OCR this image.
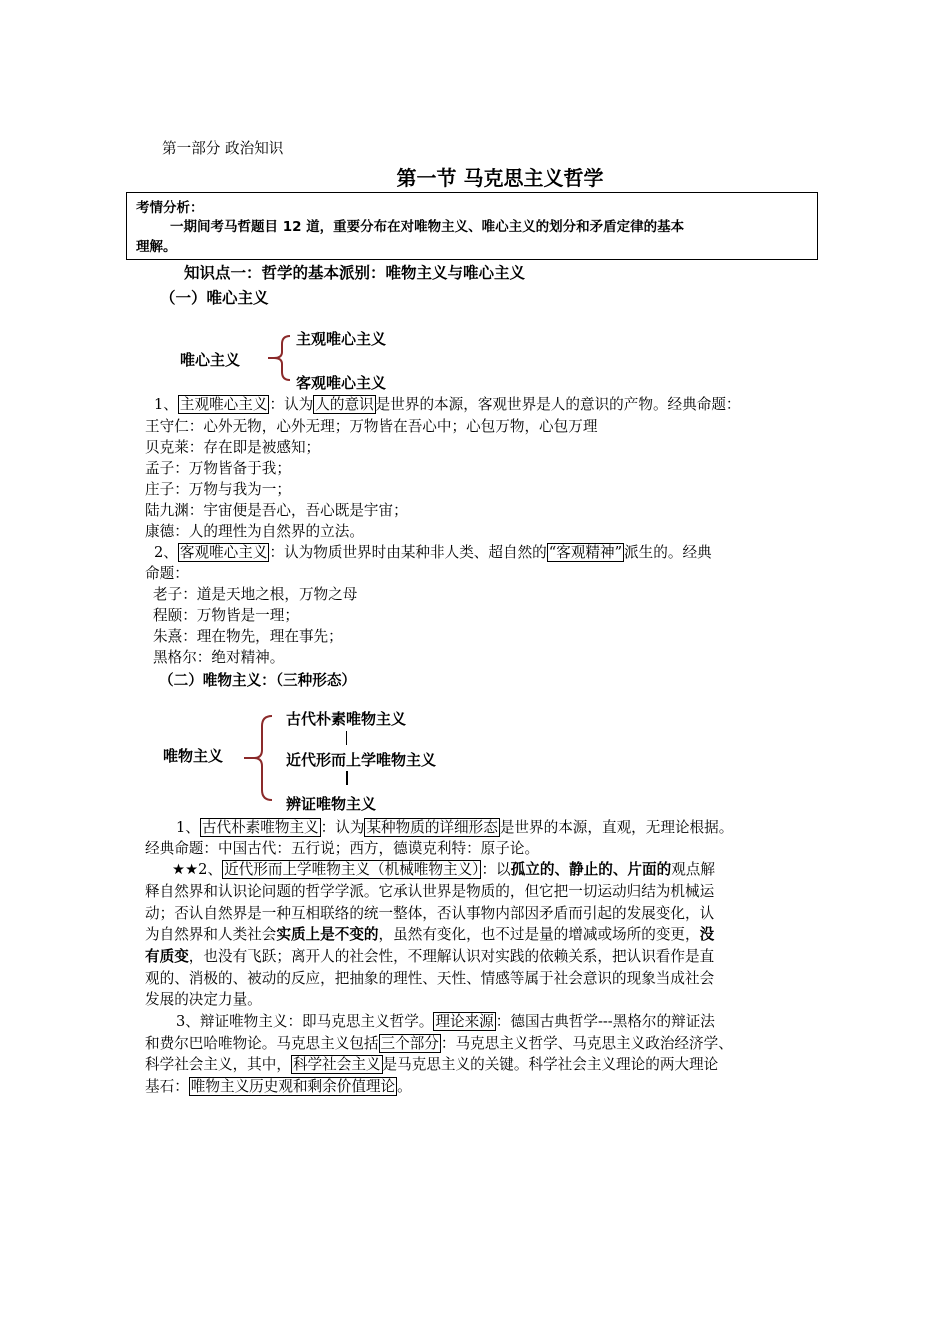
第一部分 政治知识
第一节 马克思主义哲学
考情分析：
一期间考马哲题目 12 道，重要分布在对唯物主义、唯心主义的划分和矛盾定律的基本
理解。
知识点一：哲学的基本派别：唯物主义与唯心主义
（一）唯心主义
唯心主义
主观唯心主义
客观唯心主义
1、 主观唯心主义 ：认为 人的意识 是世界的本源，客观世界是人的意识的产物。经典命题：
王守仁：心外无物，心外无理；万物皆在吾心中；心包万物，心包万理
贝克莱：存在即是被感知；
孟子：万物皆备于我；
庄子：万物与我为一；
陆九渊：宇宙便是吾心，吾心既是宇宙；
康德：人的理性为自然界的立法。
2、 客观唯心主义 ：认为物质世界时由某种非人类、超自然的 “客观精神” 派生的。经典
命题：
老子：道是天地之根，万物之母
程颐：万物皆是一理；
朱熹：理在物先，理在事先；
黑格尔：绝对精神。
（二）唯物主义：（三种形态）
唯物主义
古代朴素唯物主义
近代形而上学唯物主义
辨证唯物主义
1、 古代朴素唯物主义 ：认为 某种物质的详细形态 是世界的本源，直观，无理论根据。
经典命题：中国古代：五行说；西方，德谟克利特：原子论。
★★2、 近代形而上学唯物主义（机械唯物主义） ：以孤立的、静止的、片面的观点解
释自然界和认识论问题的哲学学派。它承认世界是物质的，但它把一切运动归结为机械运
动；否认自然界是一种互相联络的统一整体，否认事物内部因矛盾而引起的发展变化，认
为自然界和人类社会实质上是不变的，虽然有变化，也不过是量的增减或场所的变更，没
有质变，也没有飞跃；离开人的社会性，不理解认识对实践的依赖关系，把认识看作是直
观的、消极的、被动的反应，把抽象的理性、天性、情感等属于社会意识的现象当成社会
发展的决定力量。
3、辩证唯物主义：即马克思主义哲学。 理论来源 ：德国古典哲学---黑格尔的辩证法
和费尔巴哈唯物论。马克思主义包括 三个部分 ：马克思主义哲学、马克思主义政治经济学、
科学社会主义，其中， 科学社会主义 是马克思主义的关键。科学社会主义理论的两大理论
基石： 唯物主义历史观和剩余价值理论 。
